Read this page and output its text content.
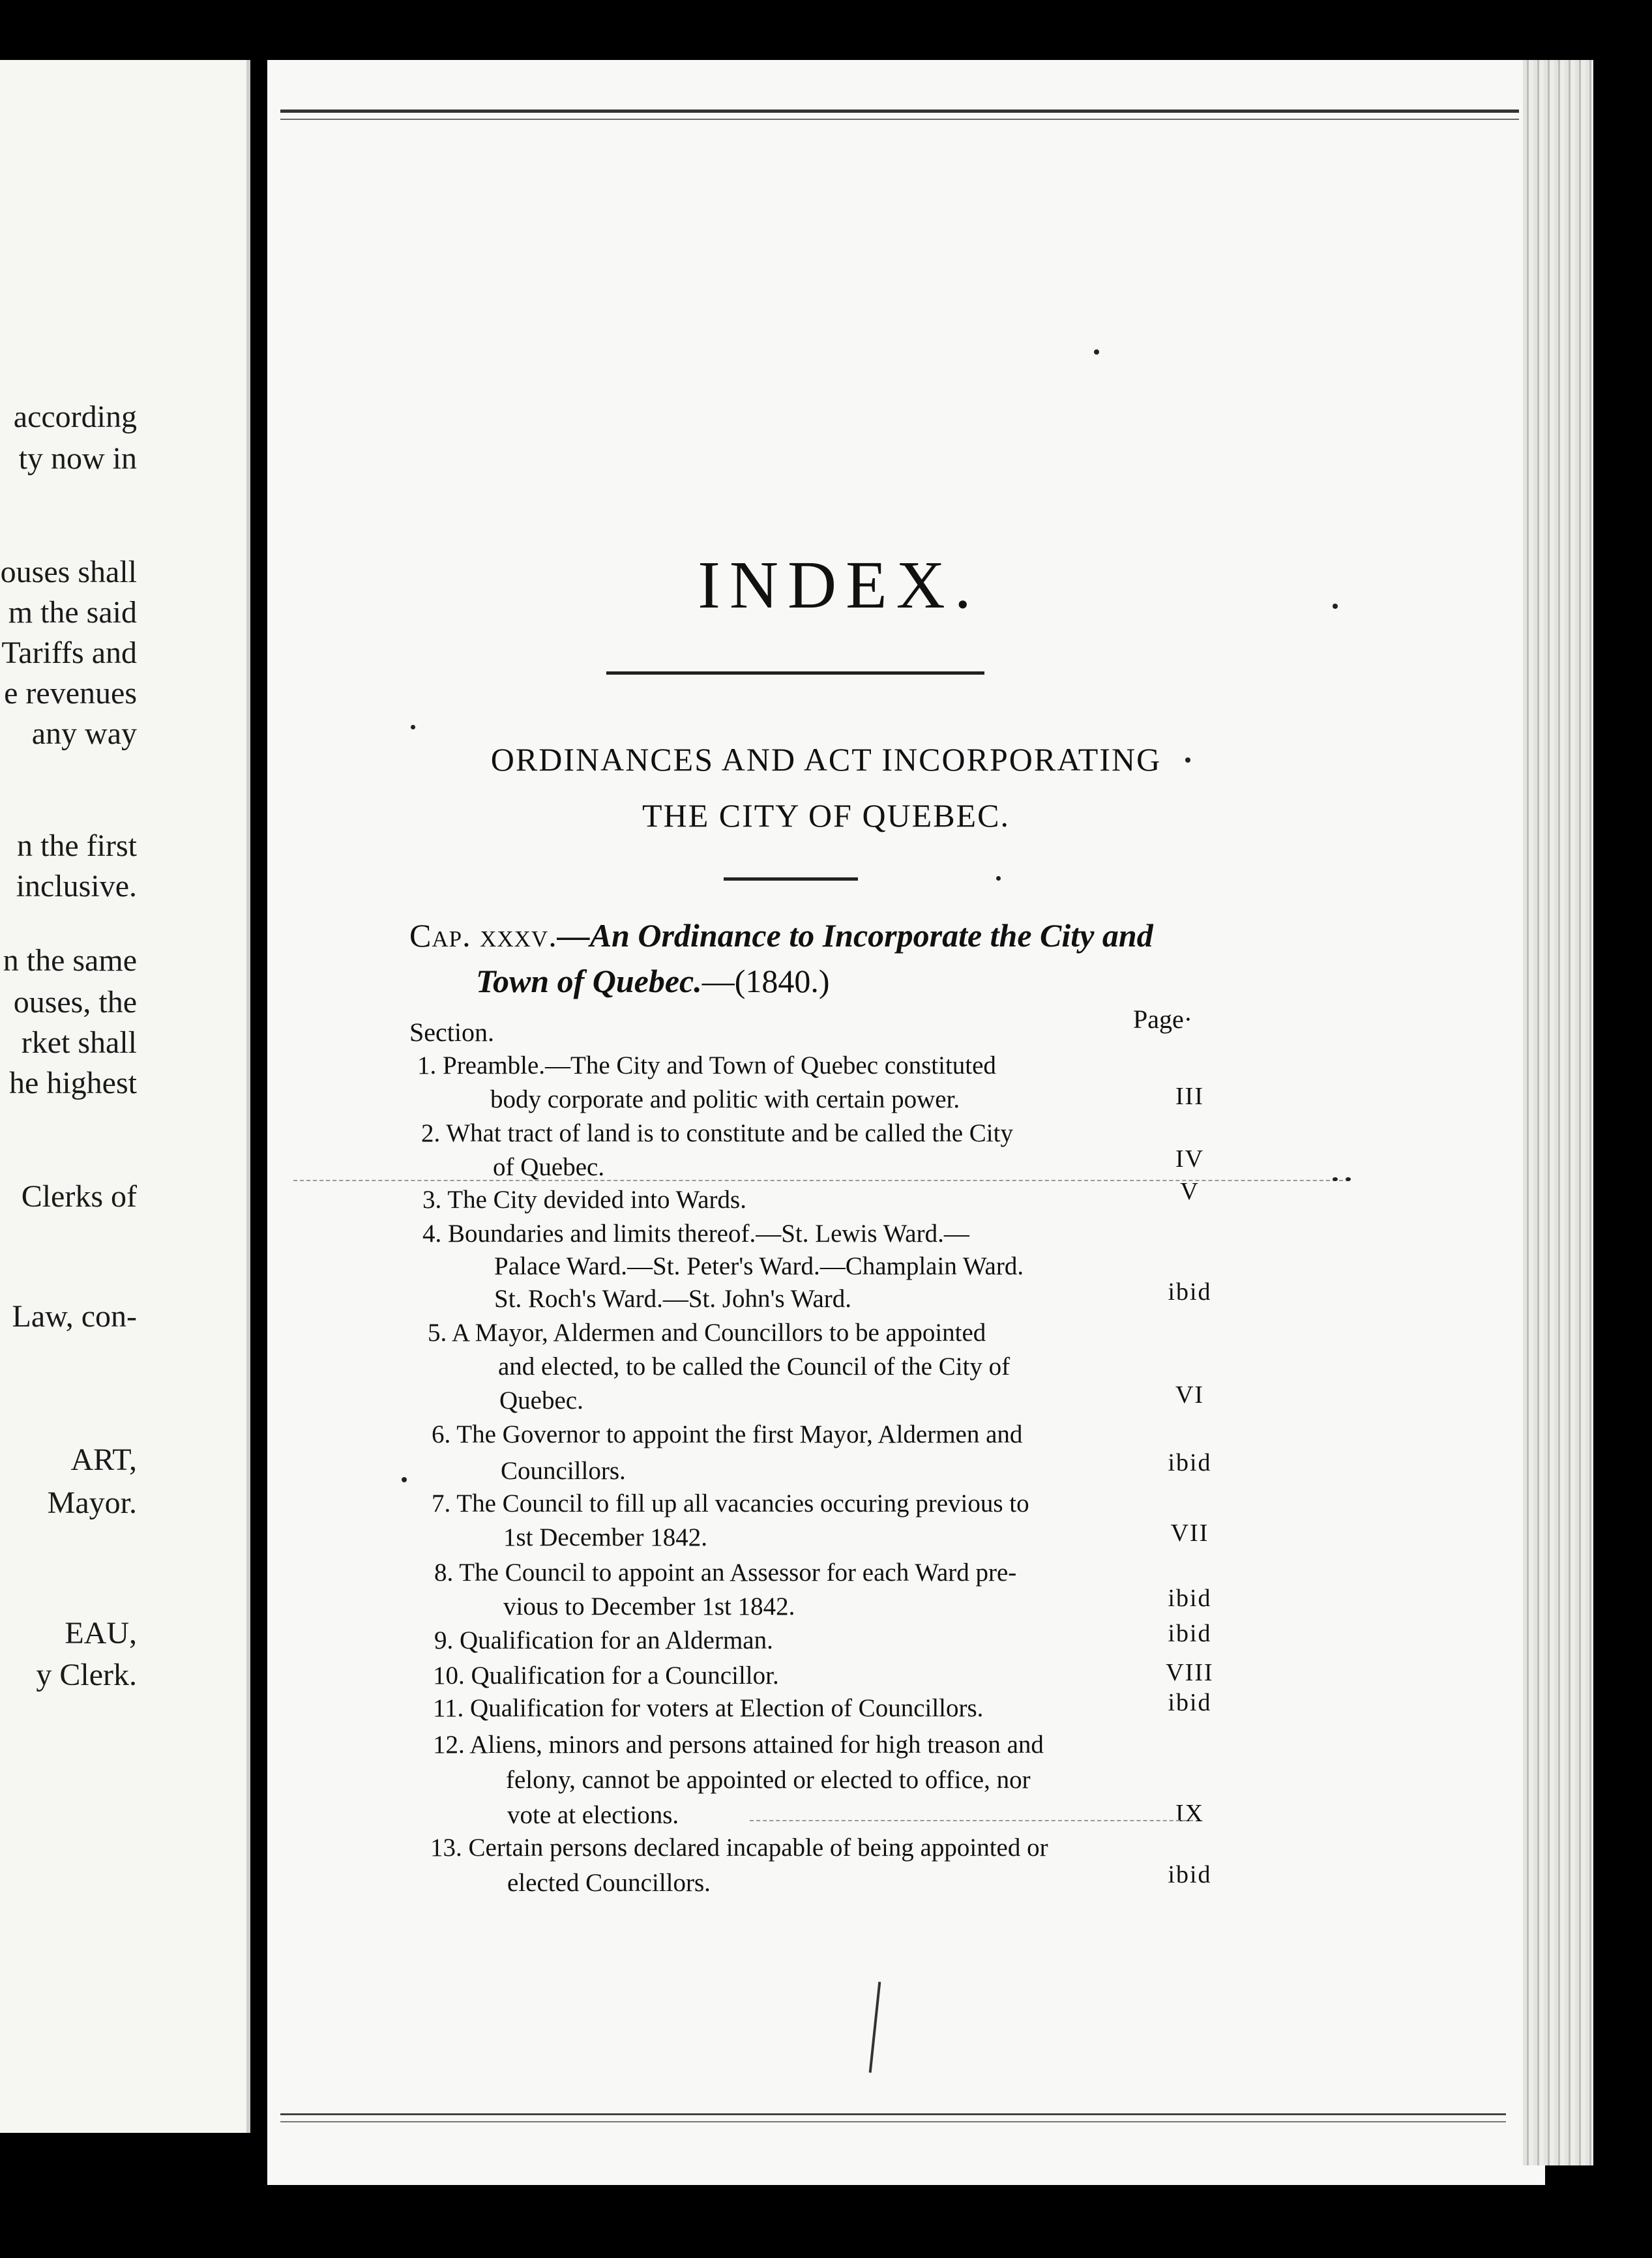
according
ty now in
ouses shall
m the said
Tariffs and
e revenues
any way
n the first
inclusive.
n the same
ouses, the
rket shall
he highest
Clerks of
Law, con-
ART,
Mayor.
EAU,
y Clerk.
INDEX.
ORDINANCES AND ACT INCORPORATING
THE CITY OF QUEBEC.
Cap. xxxv.—An Ordinance to Incorporate the City and
Town of Quebec.—(1840.)
Section.	Page·
1. Preamble.—The City and Town of Quebec constituted
body corporate and politic with certain power.	III
2. What tract of land is to constitute and be called the City
of Quebec.	IV
3. The City devided into Wards.	V
4. Boundaries and limits thereof.—St. Lewis Ward.—
Palace Ward.—St. Peter's Ward.—Champlain Ward.
St. Roch's Ward.—St. John's Ward.	ibid
5. A Mayor, Aldermen and Councillors to be appointed
and elected, to be called the Council of the City of
Quebec.	VI
6. The Governor to appoint the first Mayor, Aldermen and
Councillors.	ibid
7. The Council to fill up all vacancies occuring previous to
1st December 1842.	VII
8. The Council to appoint an Assessor for each Ward pre-
vious to December 1st 1842.	ibid
9. Qualification for an Alderman.	ibid
10. Qualification for a Councillor.	VIII
11. Qualification for voters at Election of Councillors.	ibid
12. Aliens, minors and persons attained for high treason and
felony, cannot be appointed or elected to office, nor
vote at elections.	IX
13. Certain persons declared incapable of being appointed or
elected Councillors.	ibid
